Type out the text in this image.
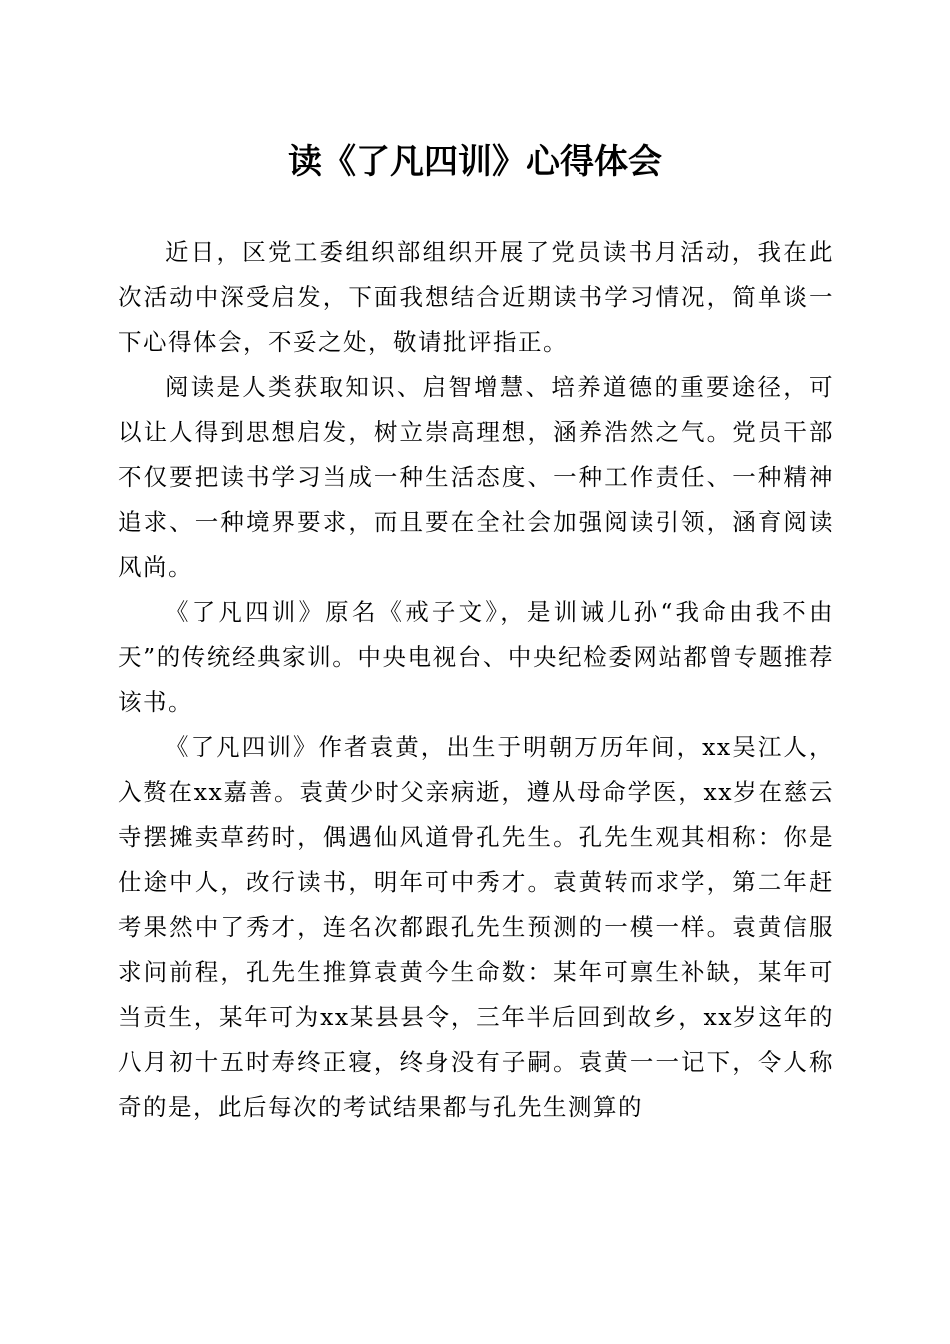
读《了凡四训》心得体会

近日，区党工委组织部组织开展了党员读书月活动，我在此次活动中深受启发，下面我想结合近期读书学习情况，简单谈一下心得体会，不妥之处，敬请批评指正。

阅读是人类获取知识、启智增慧、培养道德的重要途径，可以让人得到思想启发，树立崇高理想，涵养浩然之气。党员干部不仅要把读书学习当成一种生活态度、一种工作责任、一种精神追求、一种境界要求，而且要在全社会加强阅读引领，涵育阅读风尚。

《了凡四训》原名《戒子文》，是训诫儿孙“我命由我不由天”的传统经典家训。中央电视台、中央纪检委网站都曾专题推荐该书。

《了凡四训》作者袁黄，出生于明朝万历年间，xx吴江人，入赘在xx嘉善。袁黄少时父亲病逝，遵从母命学医，xx岁在慈云寺摆摊卖草药时，偶遇仙风道骨孔先生。孔先生观其相称：你是仕途中人，改行读书，明年可中秀才。袁黄转而求学，第二年赶考果然中了秀才，连名次都跟孔先生预测的一模一样。袁黄信服求问前程，孔先生推算袁黄今生命数：某年可禀生补缺，某年可当贡生，某年可为xx某县县令，三年半后回到故乡，xx岁这年的八月初十五时寿终正寝，终身没有子嗣。袁黄一一记下，令人称奇的是，此后每次的考试结果都与孔先生测算的
